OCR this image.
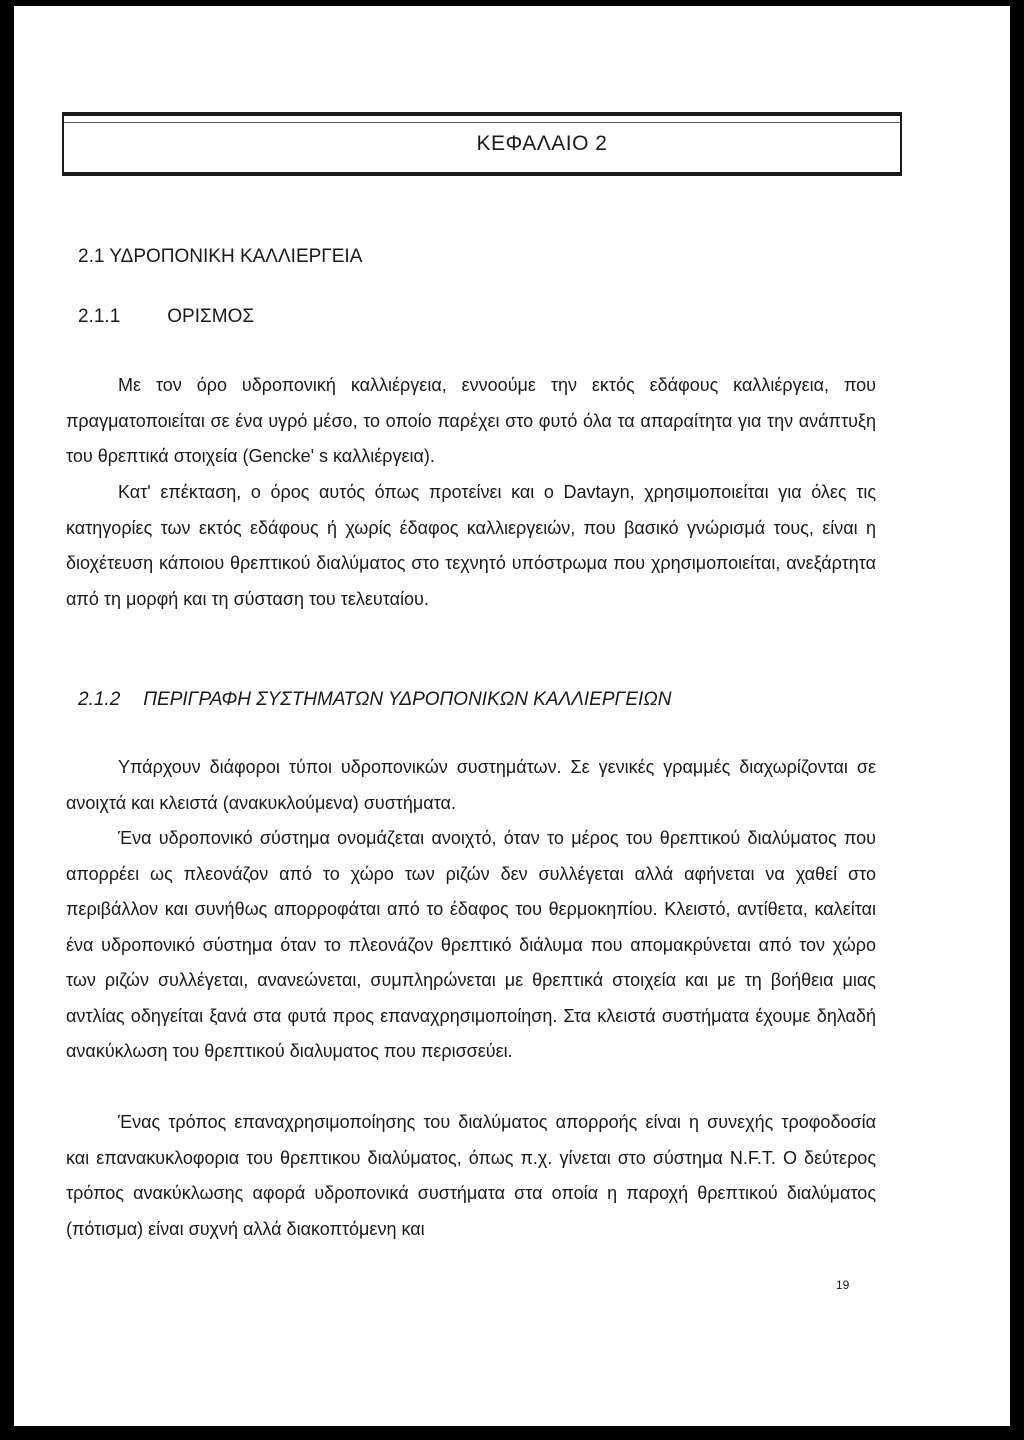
ΚΕΦΑΛΑΙΟ 2
2.1 ΥΔΡΟΠΟΝΙΚΗ ΚΑΛΛΙΕΡΓΕΙΑ
2.1.1 ΟΡΙΣΜΟΣ

Με τον όρο υδροπονική καλλιέργεια, εννοούμε την εκτός εδάφους καλλιέργεια, που πραγματοποιείται σε ένα υγρό μέσο, το οποίο παρέχει στο φυτό όλα τα απαραίτητα για την ανάπτυξη του θρεπτικά στοιχεία (Gencke' s καλλιέργεια).

Κατ' επέκταση, ο όρος αυτός όπως προτείνει και ο Davtayn, χρησιμοποιείται για όλες τις κατηγορίες των εκτός εδάφους ή χωρίς έδαφος καλλιεργειών, που βασικό γνώρισμά τους, είναι η διοχέτευση κάποιου θρεπτικού διαλύματος στο τεχνητό υπόστρωμα που χρησιμοποιείται, ανεξάρτητα από τη μορφή και τη σύσταση του τελευταίου.

2.1.2 ΠΕΡΙΓΡΑΦΗ ΣΥΣΤΗΜΑΤΩΝ ΥΔΡΟΠΟΝΙΚΩΝ ΚΑΛΛΙΕΡΓΕΙΩΝ

Υπάρχουν διάφοροι τύποι υδροπονικών συστημάτων. Σε γενικές γραμμές διαχωρίζονται σε ανοιχτά και κλειστά (ανακυκλούμενα) συστήματα.

Ένα υδροπονικό σύστημα ονομάζεται ανοιχτό, όταν το μέρος του θρεπτικού διαλύματος που απορρέει ως πλεονάζον από το χώρο των ριζών δεν συλλέγεται αλλά αφήνεται να χαθεί στο περιβάλλον και συνήθως απορροφάται από το έδαφος του θερμοκηπίου. Κλειστό, αντίθετα, καλείται ένα υδροπονικό σύστημα όταν το πλεονάζον θρεπτικό διάλυμα που απομακρύνεται από τον χώρο των ριζών συλλέγεται, ανανεώνεται, συμπληρώνεται με θρεπτικά στοιχεία και με τη βοήθεια μιας αντλίας οδηγείται ξανά στα φυτά προς επαναχρησιμοποίηση. Στα κλειστά συστήματα έχουμε δηλαδή ανακύκλωση του θρεπτικού διαλυματος που περισσεύει.

Ένας τρόπος επαναχρησιμοποίησης του διαλύματος απορροής είναι η συνεχής τροφοδοσία και επανακυκλοφορια του θρεπτικου διαλύματος, όπως π.χ. γίνεται στο σύστημα N.F.T. Ο δεύτερος τρόπος ανακύκλωσης αφορά υδροπονικά συστήματα στα οποία η παροχή θρεπτικού διαλύματος (πότισμα) είναι συχνή αλλά διακοπτόμενη και

19
